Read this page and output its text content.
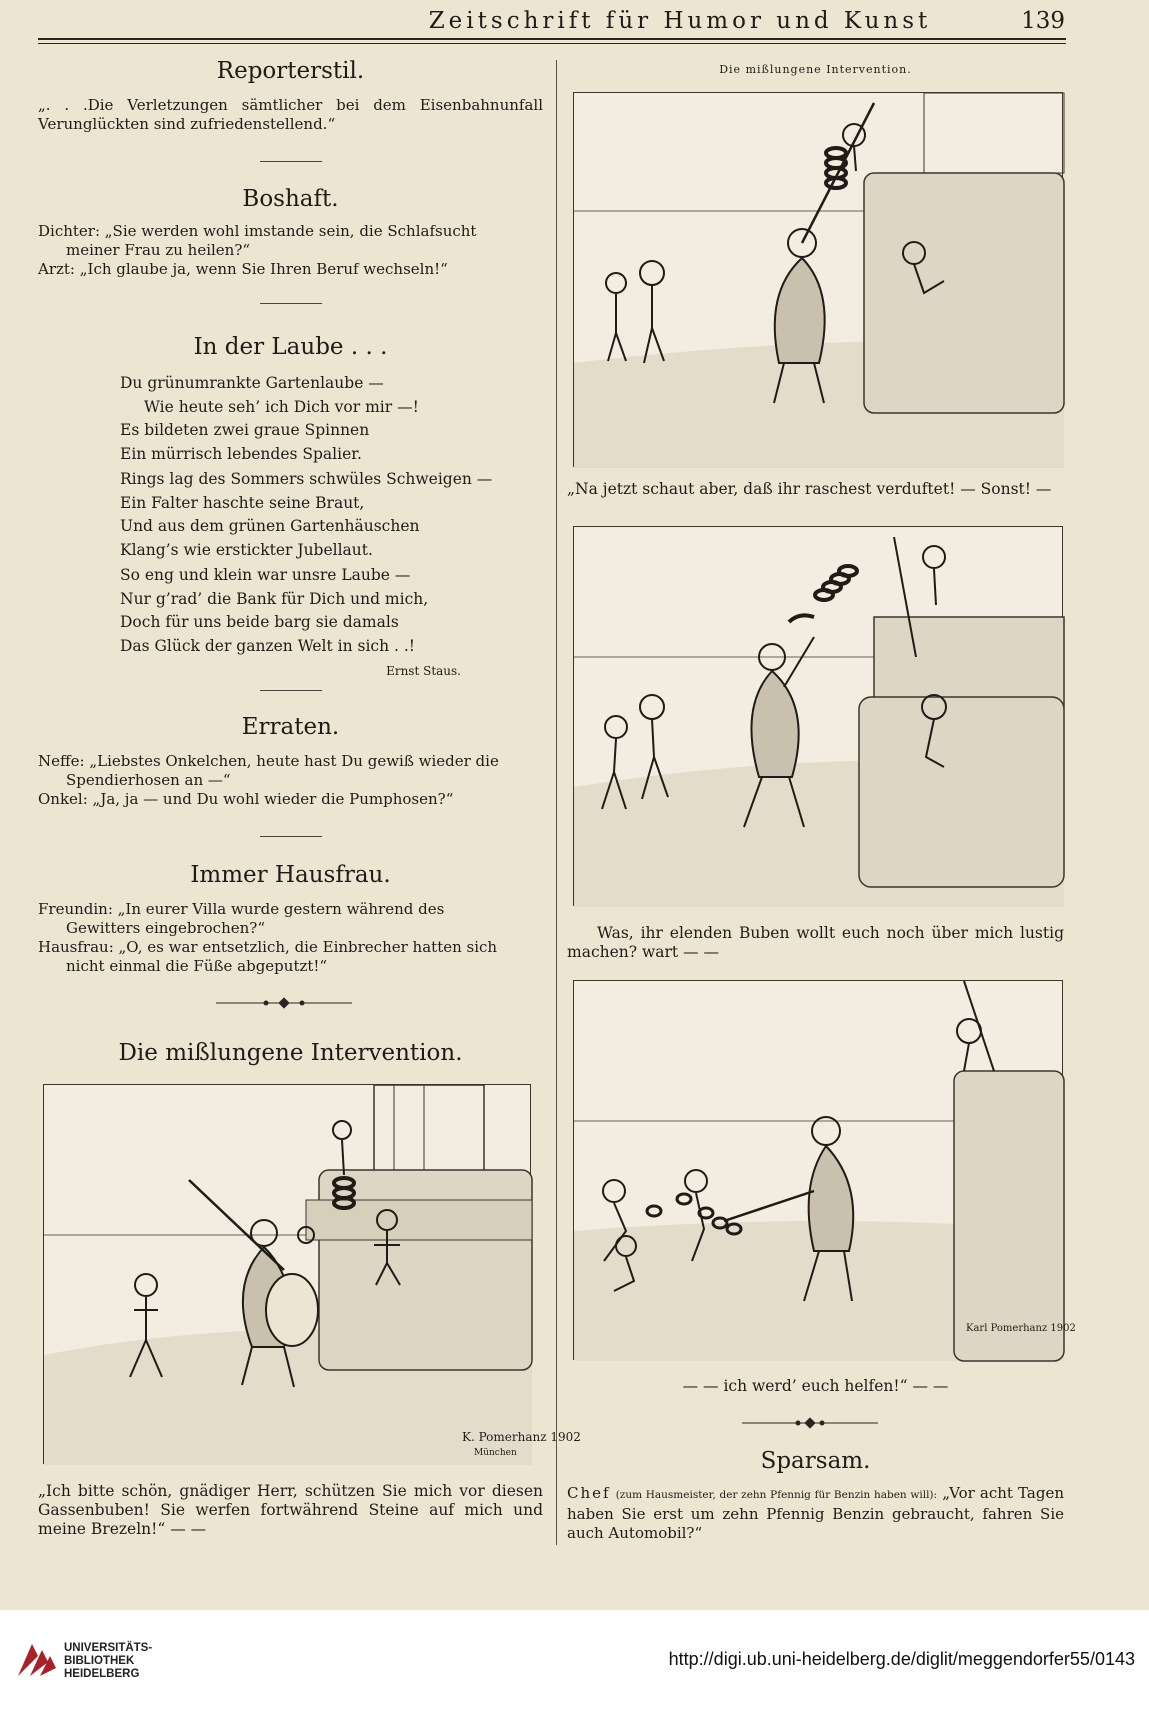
Zeitschrift für Humor und Kunst	139
Reporterstil.

„. . .Die Verletzungen sämtlicher bei dem Eisenbahnunfall Verunglückten sind zufriedenstellend.“

Boshaft.

Dichter: „Sie werden wohl imstande sein, die Schlafsucht

meiner Frau zu heilen?“

Arzt: „Ich glaube ja, wenn Sie Ihren Beruf wechseln!“

In der Laube . . .
Du grünumrankte Gartenlaube —
Wie heute seh’ ich Dich vor mir —!
Es bildeten zwei graue Spinnen
Ein mürrisch lebendes Spalier.
Rings lag des Sommers schwüles Schweigen —
Ein Falter haschte seine Braut,
Und aus dem grünen Gartenhäuschen
Klang’s wie erstickter Jubellaut.
So eng und klein war unsre Laube —
Nur g’rad’ die Bank für Dich und mich,
Doch für uns beide barg sie damals
Das Glück der ganzen Welt in sich . .!
Ernst Staus.
Erraten.

Neffe: „Liebstes Onkelchen, heute hast Du gewiß wieder die

Spendierhosen an —“

Onkel: „Ja, ja — und Du wohl wieder die Pumphosen?“

Immer Hausfrau.

Freundin: „In eurer Villa wurde gestern während des

Gewitters eingebrochen?“

Hausfrau: „O, es war entsetzlich, die Einbrecher hatten sich

nicht einmal die Füße abgeputzt!“

Die mißlungene Intervention.
K. Pomerhanz 1902
München

„Ich bitte schön, gnädiger Herr, schützen Sie mich vor diesen Gassenbuben! Sie werfen fortwährend Steine auf mich und meine Brezeln!“ — —

Die mißlungene Intervention.

„Na jetzt schaut aber, daß ihr raschest verduftet! — Sonst! —

Was, ihr elenden Buben wollt euch noch über mich lustig machen? wart — —

Karl Pomerhanz 1902

— — ich werd’ euch helfen!“ — —

Sparsam.

Chef (zum Hausmeister, der zehn Pfennig für Benzin haben will): „Vor acht Tagen haben Sie erst um zehn Pfennig Benzin gebraucht, fahren Sie auch Automobil?“

UNIVERSITÄTS-
BIBLIOTHEK
HEIDELBERG
http://digi.ub.uni-heidelberg.de/diglit/meggendorfer55/0143
